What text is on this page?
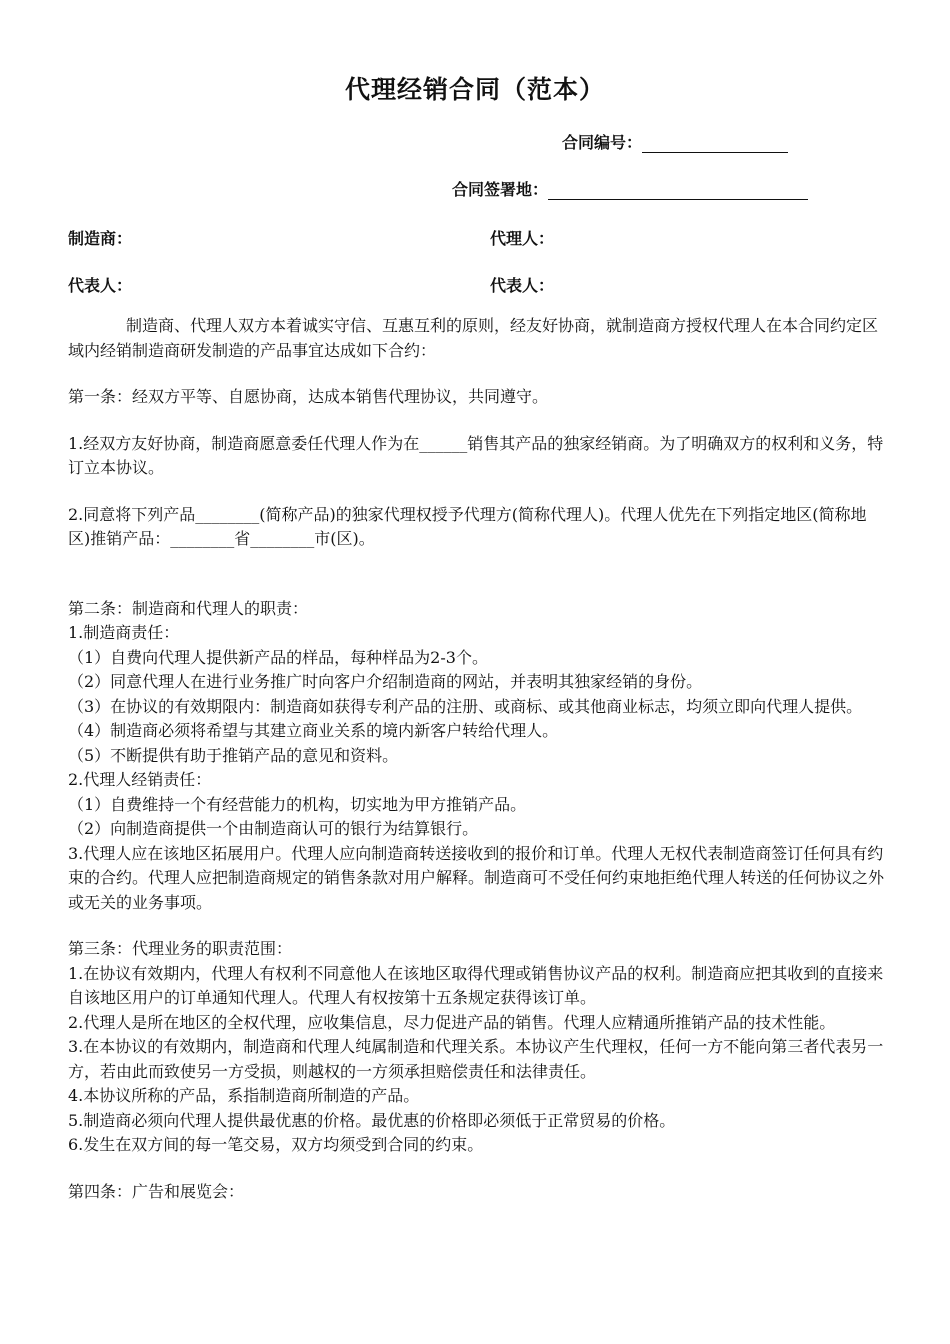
代理经销合同（范本）
合同编号：
合同签署地：
制造商：	代理人：
代表人：	代表人：

制造商、代理人双方本着诚实守信、互惠互利的原则，经友好协商，就制造商方授权代理人在本合同约定区域内经销制造商研发制造的产品事宜达成如下合约：

第一条：经双方平等、自愿协商，达成本销售代理协议，共同遵守。

1.经双方友好协商，制造商愿意委任代理人作为在______销售其产品的独家经销商。为了明确双方的权利和义务，特订立本协议。

2.同意将下列产品________(简称产品)的独家代理权授予代理方(简称代理人)。代理人优先在下列指定地区(简称地区)推销产品：________省________市(区)。

第二条：制造商和代理人的职责：

1.制造商责任：

（1）自费向代理人提供新产品的样品，每种样品为2-3个。

（2）同意代理人在进行业务推广时向客户介绍制造商的网站，并表明其独家经销的身份。

（3）在协议的有效期限内：制造商如获得专利产品的注册、或商标、或其他商业标志，均须立即向代理人提供。

（4）制造商必须将希望与其建立商业关系的境内新客户转给代理人。

（5）不断提供有助于推销产品的意见和资料。

2.代理人经销责任：

（1）自费维持一个有经营能力的机构，切实地为甲方推销产品。

（2）向制造商提供一个由制造商认可的银行为结算银行。

3.代理人应在该地区拓展用户。代理人应向制造商转送接收到的报价和订单。代理人无权代表制造商签订任何具有约束的合约。代理人应把制造商规定的销售条款对用户解释。制造商可不受任何约束地拒绝代理人转送的任何协议之外或无关的业务事项。

第三条：代理业务的职责范围：

1.在协议有效期内，代理人有权利不同意他人在该地区取得代理或销售协议产品的权利。制造商应把其收到的直接来自该地区用户的订单通知代理人。代理人有权按第十五条规定获得该订单。

2.代理人是所在地区的全权代理，应收集信息，尽力促进产品的销售。代理人应精通所推销产品的技术性能。

3.在本协议的有效期内，制造商和代理人纯属制造和代理关系。本协议产生代理权，任何一方不能向第三者代表另一方，若由此而致使另一方受损，则越权的一方须承担赔偿责任和法律责任。

4.本协议所称的产品，系指制造商所制造的产品。

5.制造商必须向代理人提供最优惠的价格。最优惠的价格即必须低于正常贸易的价格。

6.发生在双方间的每一笔交易，双方均须受到合同的约束。

第四条：广告和展览会：
